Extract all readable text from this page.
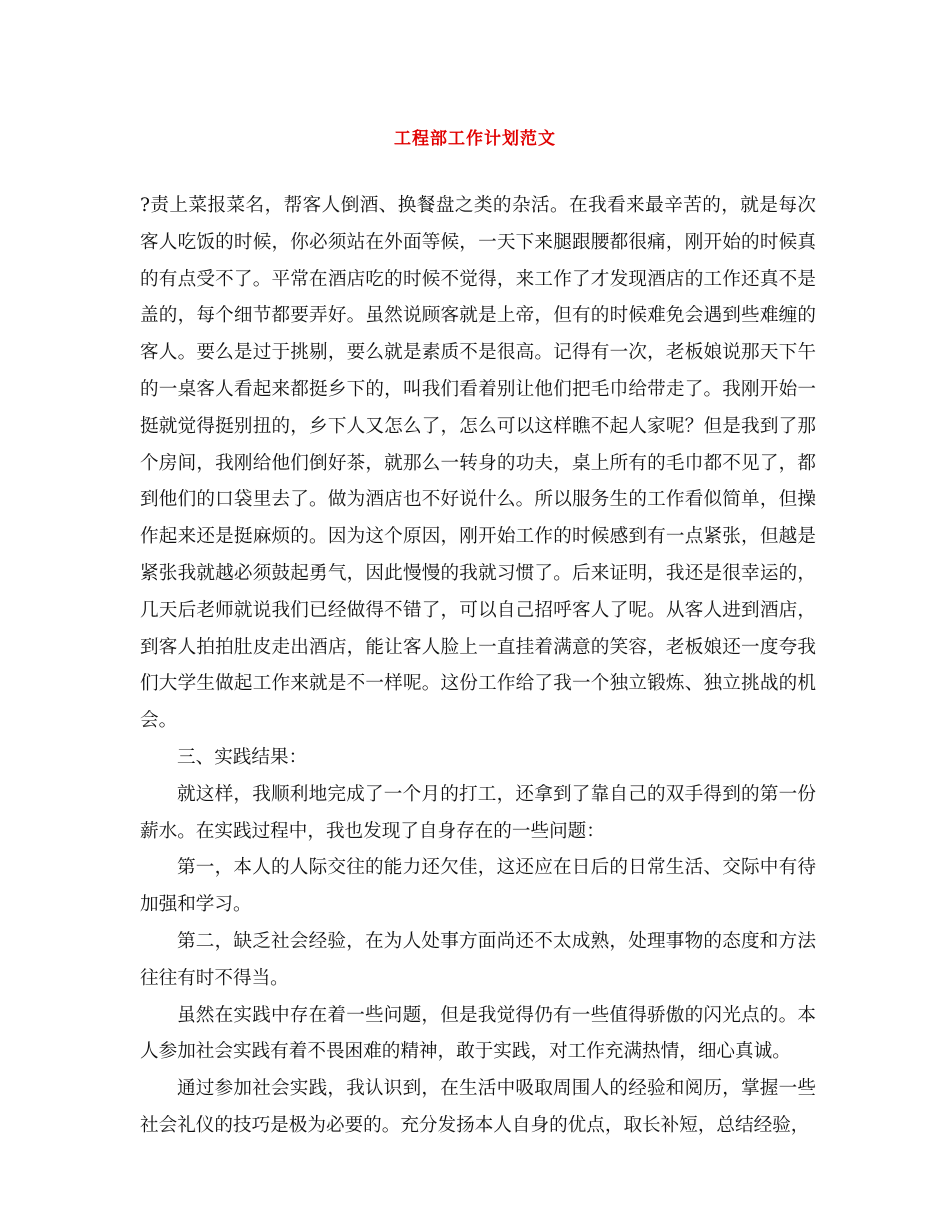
工程部工作计划范文

?责上菜报菜名，帮客人倒酒、换餐盘之类的杂活。在我看来最辛苦的，就是每次客人吃饭的时候，你必须站在外面等候，一天下来腿跟腰都很痛，刚开始的时候真的有点受不了。平常在酒店吃的时候不觉得，来工作了才发现酒店的工作还真不是盖的，每个细节都要弄好。虽然说顾客就是上帝，但有的时候难免会遇到些难缠的客人。要么是过于挑剔，要么就是素质不是很高。记得有一次，老板娘说那天下午的一桌客人看起来都挺乡下的，叫我们看着别让他们把毛巾给带走了。我刚开始一挺就觉得挺别扭的，乡下人又怎么了，怎么可以这样瞧不起人家呢？但是我到了那个房间，我刚给他们倒好茶，就那么一转身的功夫，桌上所有的毛巾都不见了，都到他们的口袋里去了。做为酒店也不好说什么。所以服务生的工作看似简单，但操作起来还是挺麻烦的。因为这个原因，刚开始工作的时候感到有一点紧张，但越是紧张我就越必须鼓起勇气，因此慢慢的我就习惯了。后来证明，我还是很幸运的，几天后老师就说我们已经做得不错了，可以自己招呼客人了呢。从客人进到酒店，到客人拍拍肚皮走出酒店，能让客人脸上一直挂着满意的笑容，老板娘还一度夸我们大学生做起工作来就是不一样呢。这份工作给了我一个独立锻炼、独立挑战的机会。

三、实践结果：

就这样，我顺利地完成了一个月的打工，还拿到了靠自己的双手得到的第一份薪水。在实践过程中，我也发现了自身存在的一些问题：

第一，本人的人际交往的能力还欠佳，这还应在日后的日常生活、交际中有待加强和学习。

第二，缺乏社会经验，在为人处事方面尚还不太成熟，处理事物的态度和方法往往有时不得当。

虽然在实践中存在着一些问题，但是我觉得仍有一些值得骄傲的闪光点的。本人参加社会实践有着不畏困难的精神，敢于实践，对工作充满热情，细心真诚。

通过参加社会实践，我认识到，在生活中吸取周围人的经验和阅历，掌握一些社会礼仪的技巧是极为必要的。充分发扬本人自身的优点，取长补短，总结经验，
